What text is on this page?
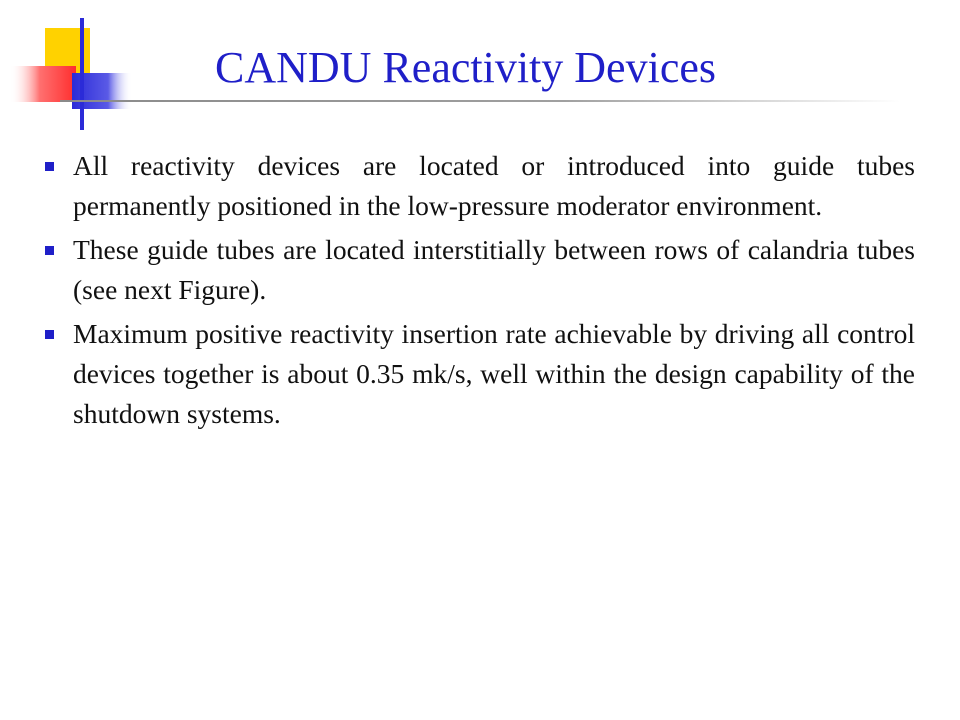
CANDU Reactivity Devices
All reactivity devices are located or introduced into guide tubes permanently positioned in the low-pressure moderator environment.
These guide tubes are located interstitially between rows of calandria tubes (see next Figure).
Maximum positive reactivity insertion rate achievable by driving all control devices together is about 0.35 mk/s, well within the design capability of the shutdown systems.
